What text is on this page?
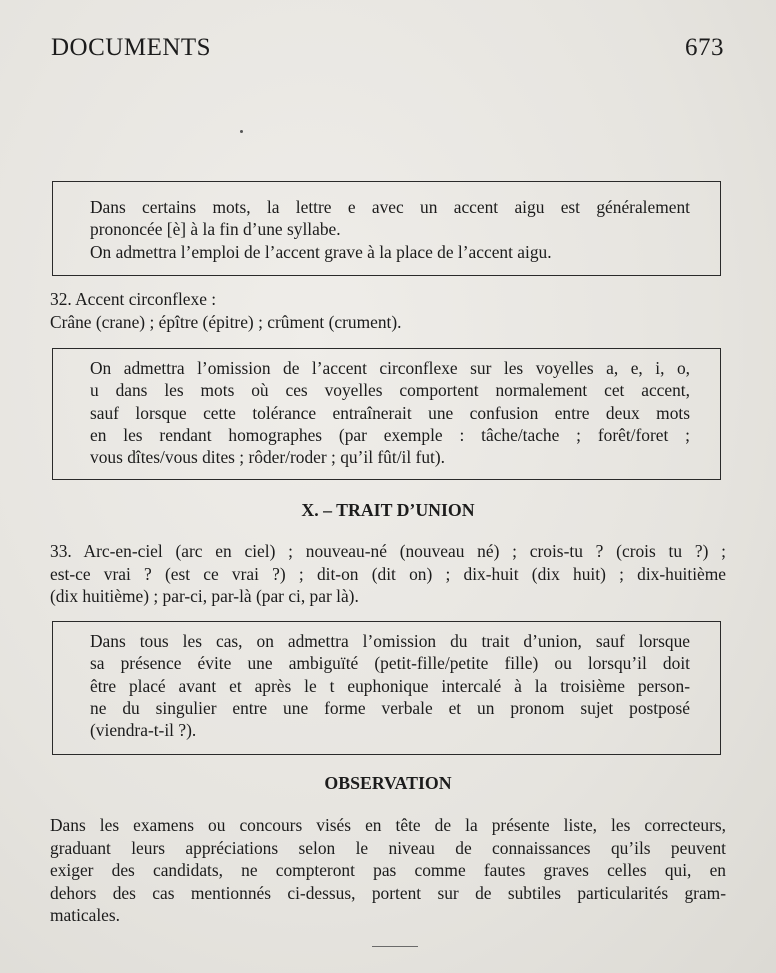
DOCUMENTS	673
Dans certains mots, la lettre e avec un accent aigu est généralement
prononcée [è] à la fin d’une syllabe.
On admettra l’emploi de l’accent grave à la place de l’accent aigu.
32. Accent circonflexe :
Crâne (crane) ; épître (épitre) ; crûment (crument).
On admettra l’omission de l’accent circonflexe sur les voyelles a, e, i, o,
u dans les mots où ces voyelles comportent normalement cet accent,
sauf lorsque cette tolérance entraînerait une confusion entre deux mots
en les rendant homographes (par exemple : tâche/tache ; forêt/foret ;
vous dîtes/vous dites ; rôder/roder ; qu’il fût/il fut).
X. – TRAIT D’UNION
33. Arc-en-ciel (arc en ciel) ; nouveau-né (nouveau né) ; crois-tu ? (crois tu ?) ;
est-ce vrai ? (est ce vrai ?) ; dit-on (dit on) ; dix-huit (dix huit) ; dix-huitième
(dix huitième) ; par-ci, par-là (par ci, par là).
Dans tous les cas, on admettra l’omission du trait d’union, sauf lorsque
sa présence évite une ambiguïté (petit-fille/petite fille) ou lorsqu’il doit
être placé avant et après le t euphonique intercalé à la troisième person-
ne du singulier entre une forme verbale et un pronom sujet postposé
(viendra-t-il ?).
OBSERVATION
Dans les examens ou concours visés en tête de la présente liste, les correcteurs,
graduant leurs appréciations selon le niveau de connaissances qu’ils peuvent
exiger des candidats, ne compteront pas comme fautes graves celles qui, en
dehors des cas mentionnés ci-dessus, portent sur de subtiles particularités gram-
maticales.
